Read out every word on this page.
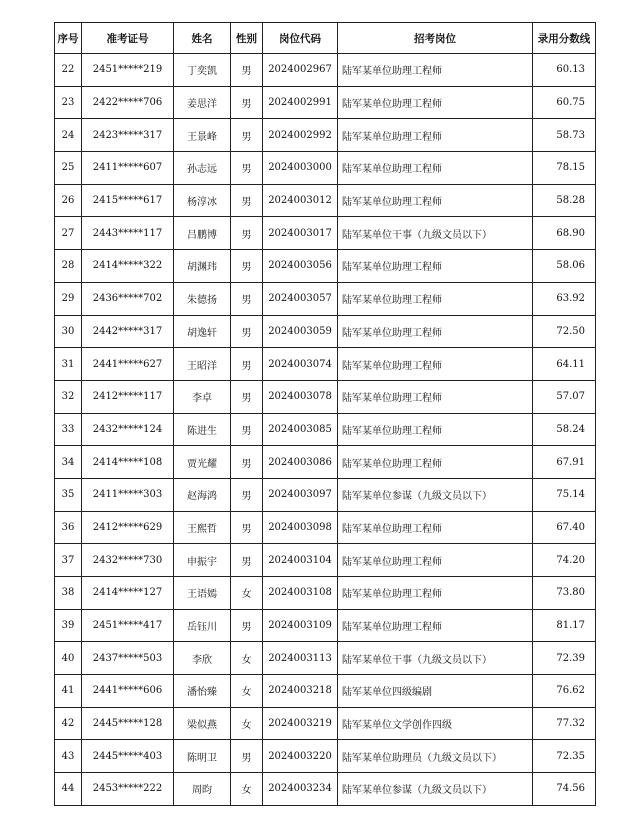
序号	准考证号	姓名	性别	岗位代码	招考岗位	录用分数线
22	2451*****219	丁奕凯	男	2024002967	陆军某单位助理工程师	60.13
23	2422*****706	姜思洋	男	2024002991	陆军某单位助理工程师	60.75
24	2423*****317	王景峰	男	2024002992	陆军某单位助理工程师	58.73
25	2411*****607	孙志远	男	2024003000	陆军某单位助理工程师	78.15
26	2415*****617	杨淳冰	男	2024003012	陆军某单位助理工程师	58.28
27	2443*****117	吕鹏博	男	2024003017	陆军某单位干事（九级文员以下）	68.90
28	2414*****322	胡渊玮	男	2024003056	陆军某单位助理工程师	58.06
29	2436*****702	朱德扬	男	2024003057	陆军某单位助理工程师	63.92
30	2442*****317	胡逸轩	男	2024003059	陆军某单位助理工程师	72.50
31	2441*****627	王昭洋	男	2024003074	陆军某单位助理工程师	64.11
32	2412*****117	李卓	男	2024003078	陆军某单位助理工程师	57.07
33	2432*****124	陈进生	男	2024003085	陆军某单位助理工程师	58.24
34	2414*****108	贾光耀	男	2024003086	陆军某单位助理工程师	67.91
35	2411*****303	赵海鸿	男	2024003097	陆军某单位参谋（九级文员以下）	75.14
36	2412*****629	王熙哲	男	2024003098	陆军某单位助理工程师	67.40
37	2432*****730	申振宇	男	2024003104	陆军某单位助理工程师	74.20
38	2414*****127	王语嫣	女	2024003108	陆军某单位助理工程师	73.80
39	2451*****417	岳钰川	男	2024003109	陆军某单位助理工程师	81.17
40	2437*****503	李欣	女	2024003113	陆军某单位干事（九级文员以下）	72.39
41	2441*****606	潘怡臻	女	2024003218	陆军某单位四级编剧	76.62
42	2445*****128	梁似燕	女	2024003219	陆军某单位文学创作四级	77.32
43	2445*****403	陈明卫	男	2024003220	陆军某单位助理员（九级文员以下）	72.35
44	2453*****222	周昀	女	2024003234	陆军某单位参谋（九级文员以下）	74.56
